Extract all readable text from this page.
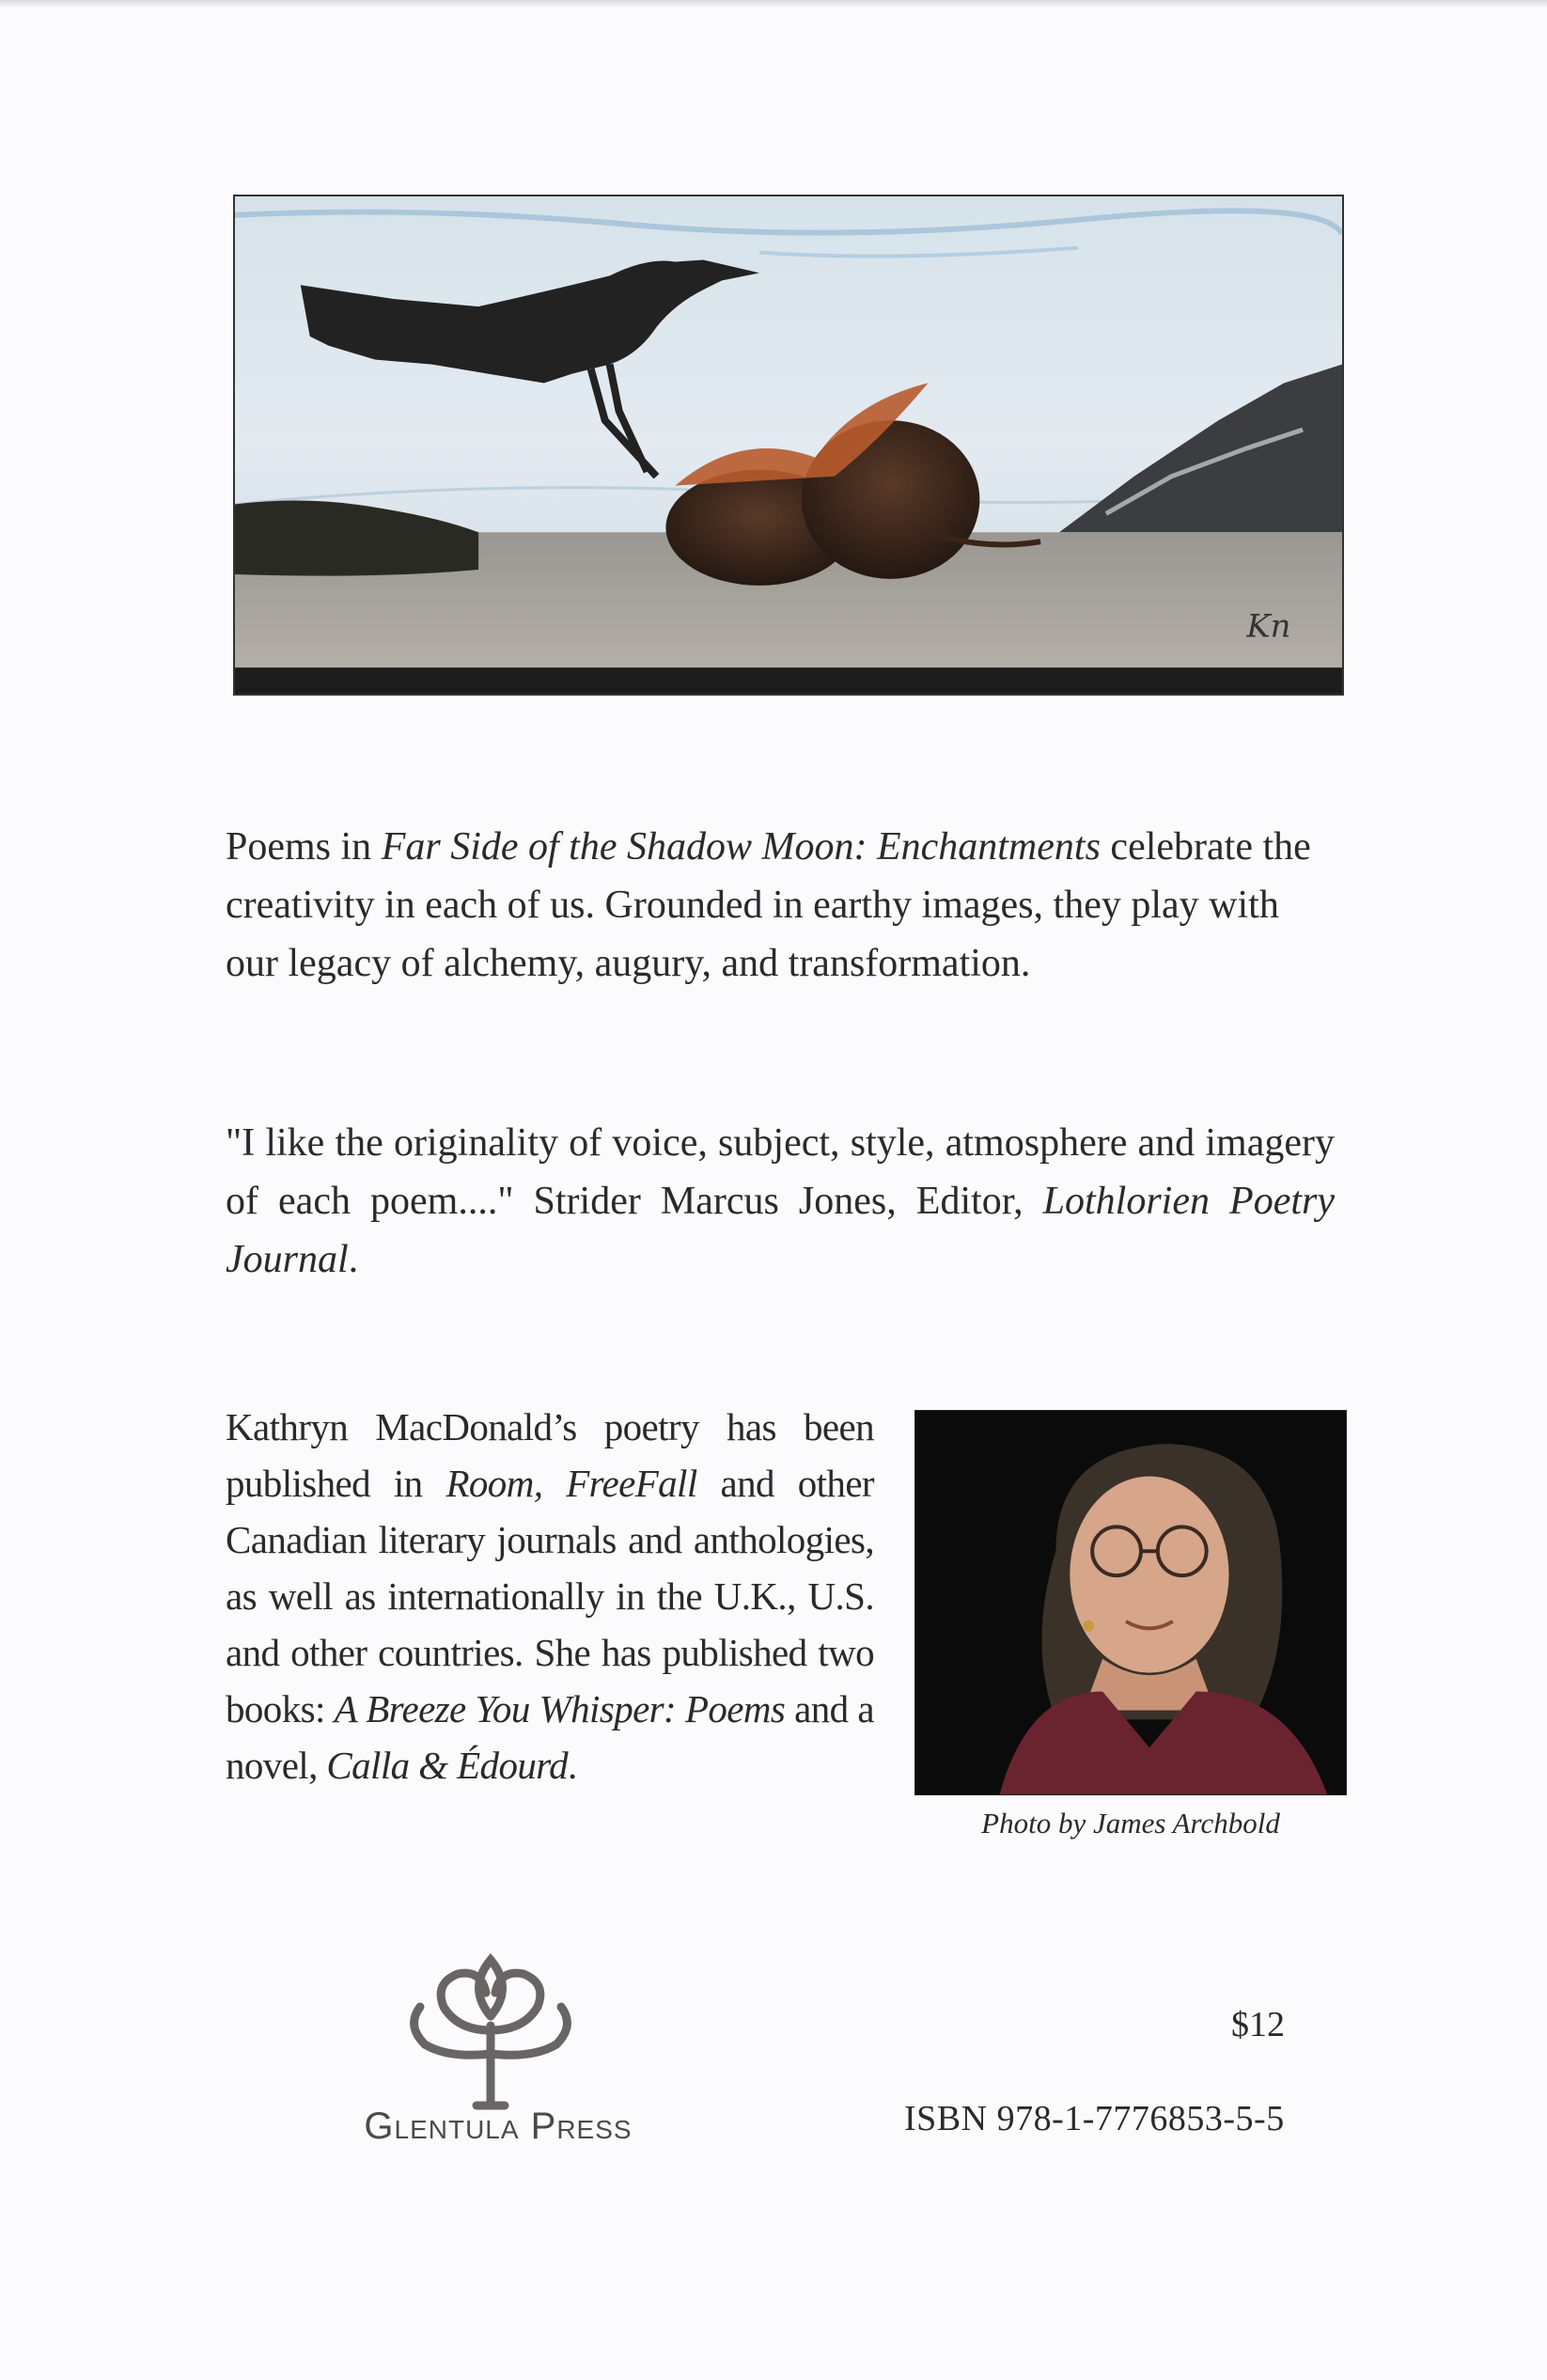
Kn

Poems in Far Side of the Shadow Moon: Enchantments celebrate the creativity in each of us. Grounded in earthy images, they play with our legacy of alchemy, augury, and transformation.

"I like the originality of voice, subject, style, atmosphere and imagery of each poem...." Strider Marcus Jones, Editor, Lothlorien Poetry Journal.

Kathryn MacDonald’s poetry has been published in Room, FreeFall and other Canadian literary journals and anthologies, as well as internationally in the U.K., U.S. and other countries. She has published two books: A Breeze You Whisper: Poems and a novel, Calla & Édourd.

Photo by James Archbold
Glentula Press
$12
ISBN 978-1-7776853-5-5
